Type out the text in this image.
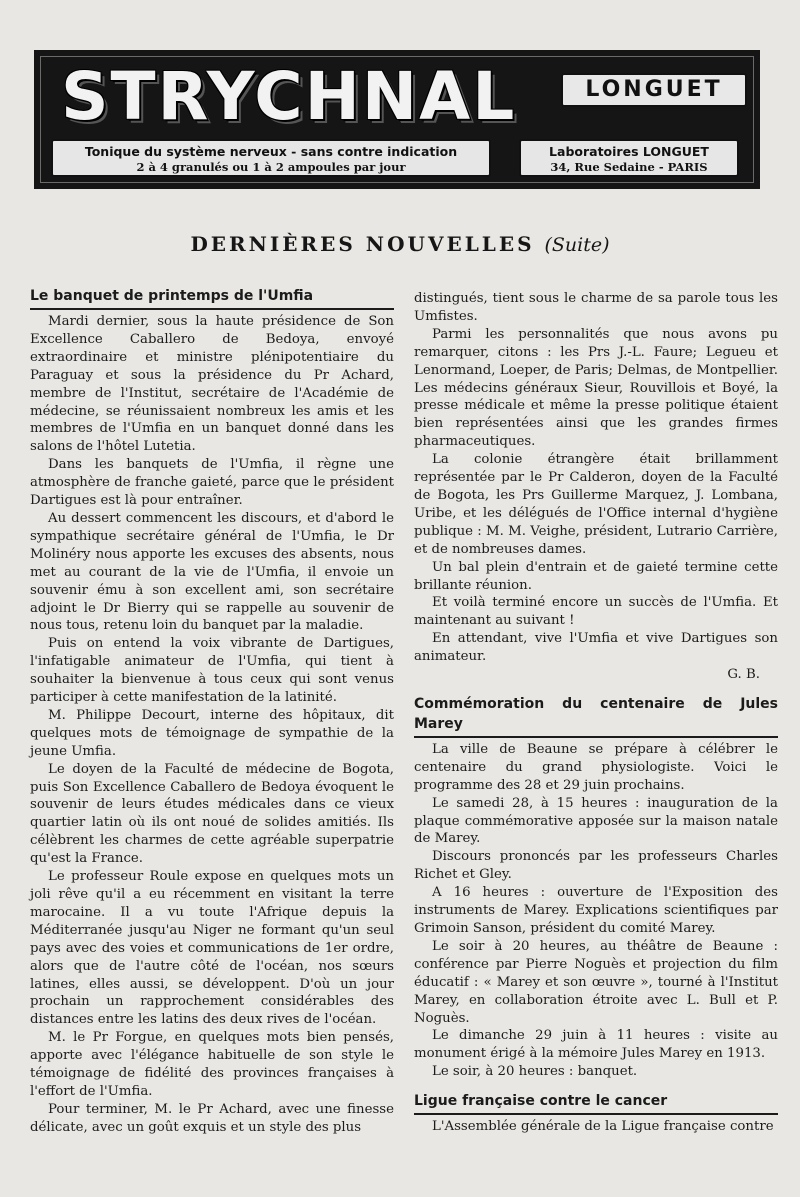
STRYCHNAL	LONGUET
Tonique du système nerveux - sans contre indication
2 à 4 granulés ou 1 à 2 ampoules par jour
Laboratoires LONGUET
34, Rue Sedaine - PARIS
DERNIÈRES NOUVELLES (Suite)
Le banquet de printemps de l'Umfia

Mardi dernier, sous la haute présidence de Son Excellence Caballero de Bedoya, envoyé extraordinaire et ministre plénipotentiaire du Paraguay et sous la présidence du Pr Achard, membre de l'Institut, secrétaire de l'Académie de médecine, se réunissaient nombreux les amis et les membres de l'Umfia en un banquet donné dans les salons de l'hôtel Lutetia.

Dans les banquets de l'Umfia, il règne une atmosphère de franche gaieté, parce que le président Dartigues est là pour entraîner.

Au dessert commencent les discours, et d'abord le sympathique secrétaire général de l'Umfia, le Dr Molinéry nous apporte les excuses des absents, nous met au courant de la vie de l'Umfia, il envoie un souvenir ému à son excellent ami, son secrétaire adjoint le Dr Bierry qui se rappelle au souvenir de nous tous, retenu loin du banquet par la maladie.

Puis on entend la voix vibrante de Dartigues, l'infatigable animateur de l'Umfia, qui tient à souhaiter la bienvenue à tous ceux qui sont venus participer à cette manifestation de la latinité.

M. Philippe Decourt, interne des hôpitaux, dit quelques mots de témoignage de sympathie de la jeune Umfia.

Le doyen de la Faculté de médecine de Bogota, puis Son Excellence Caballero de Bedoya évoquent le souvenir de leurs études médicales dans ce vieux quartier latin où ils ont noué de solides amitiés. Ils célèbrent les charmes de cette agréable superpatrie qu'est la France.

Le professeur Roule expose en quelques mots un joli rêve qu'il a eu récemment en visitant la terre marocaine. Il a vu toute l'Afrique depuis la Méditerranée jusqu'au Niger ne formant qu'un seul pays avec des voies et communications de 1er ordre, alors que de l'autre côté de l'océan, nos sœurs latines, elles aussi, se développent. D'où un jour prochain un rapprochement considérables des distances entre les latins des deux rives de l'océan.

M. le Pr Forgue, en quelques mots bien pensés, apporte avec l'élégance habituelle de son style le témoignage de fidélité des provinces françaises à l'effort de l'Umfia.

Pour terminer, M. le Pr Achard, avec une finesse délicate, avec un goût exquis et un style des plus

distingués, tient sous le charme de sa parole tous les Umfistes.

Parmi les personnalités que nous avons pu remarquer, citons : les Prs J.-L. Faure; Legueu et Lenormand, Loeper, de Paris; Delmas, de Montpellier. Les médecins généraux Sieur, Rouvillois et Boyé, la presse médicale et même la presse politique étaient bien représentées ainsi que les grandes firmes pharmaceutiques.

La colonie étrangère était brillamment représentée par le Pr Calderon, doyen de la Faculté de Bogota, les Prs Guillerme Marquez, J. Lombana, Uribe, et les délégués de l'Office internal d'hygiène publique : M. M. Veighe, président, Lutrario Carrière, et de nombreuses dames.

Un bal plein d'entrain et de gaieté termine cette brillante réunion.

Et voilà terminé encore un succès de l'Umfia. Et maintenant au suivant !

En attendant, vive l'Umfia et vive Dartigues son animateur.

G. B.

Commémoration du centenaire de Jules Marey

La ville de Beaune se prépare à célébrer le centenaire du grand physiologiste. Voici le programme des 28 et 29 juin prochains.

Le samedi 28, à 15 heures : inauguration de la plaque commémorative apposée sur la maison natale de Marey.

Discours prononcés par les professeurs Charles Richet et Gley.

A 16 heures : ouverture de l'Exposition des instruments de Marey. Explications scientifiques par Grimoin Sanson, président du comité Marey.

Le soir à 20 heures, au théâtre de Beaune : conférence par Pierre Noguès et projection du film éducatif : « Marey et son œuvre », tourné à l'Institut Marey, en collaboration étroite avec L. Bull et P. Noguès.

Le dimanche 29 juin à 11 heures : visite au monument érigé à la mémoire Jules Marey en 1913.

Le soir, à 20 heures : banquet.

Ligue française contre le cancer

L'Assemblée générale de la Ligue française contre
